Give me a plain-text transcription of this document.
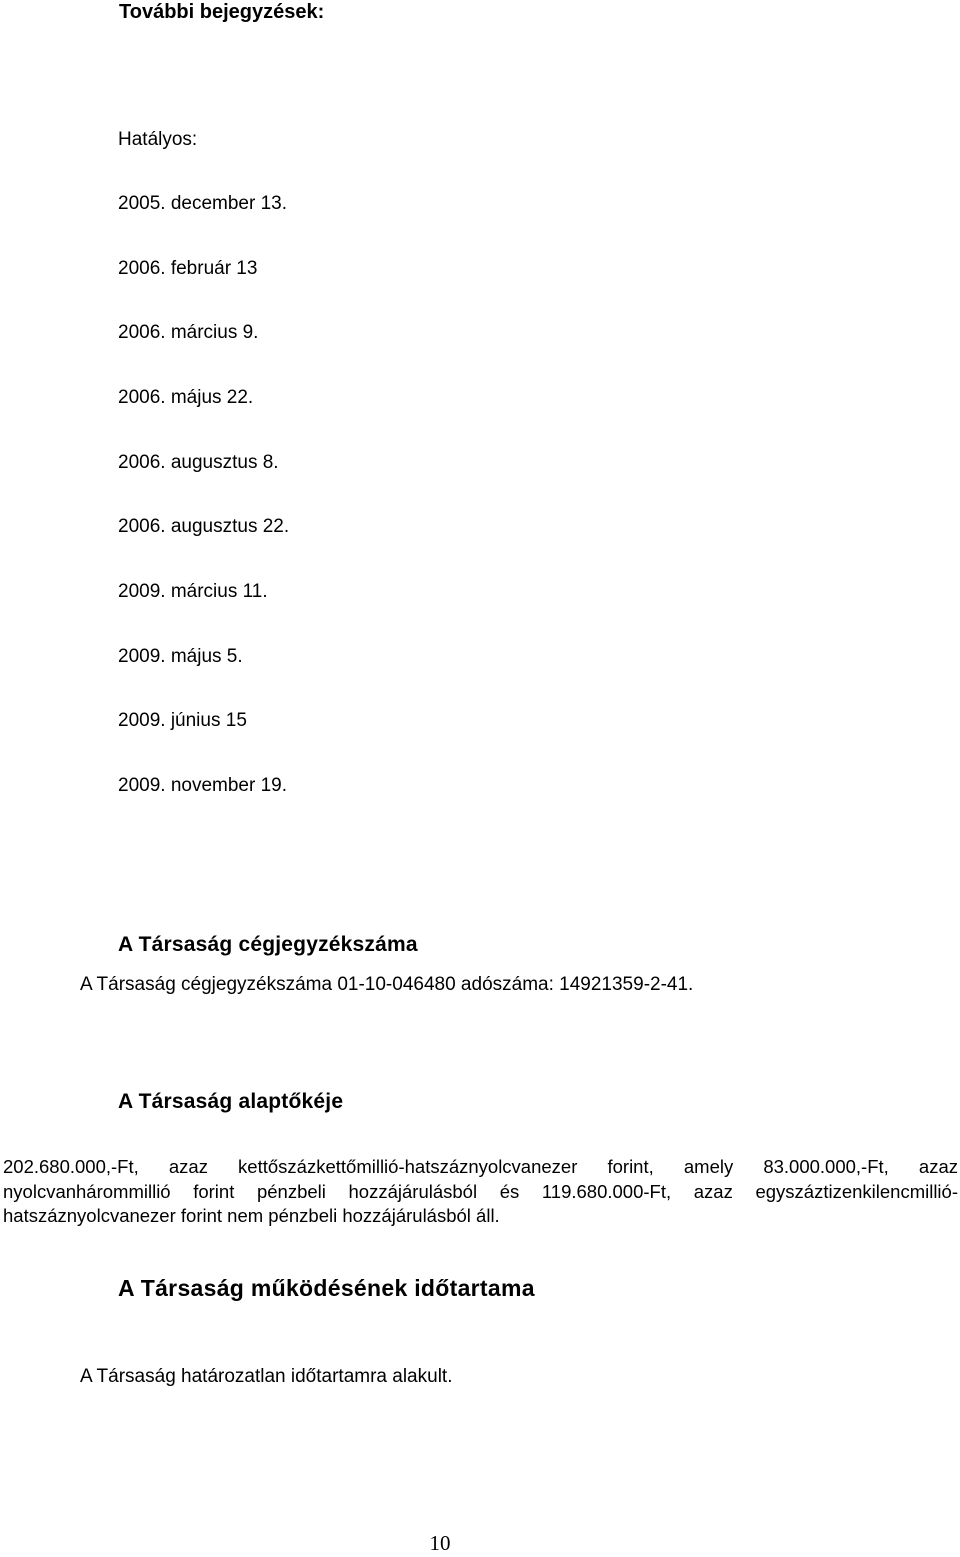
További bejegyzések:
Hatályos:
2005. december 13.
2006. február 13
2006. március 9.
2006. május 22.
2006. augusztus 8.
2006. augusztus 22.
2009. március 11.
2009. május 5.
2009. június 15
2009. november 19.
A Társaság cégjegyzékszáma
A Társaság cégjegyzékszáma 01-10-046480 adószáma: 14921359-2-41.
A Társaság alaptőkéje
202.680.000,-Ft, azaz kettőszázkettőmillió-hatszáznyolcvanezer forint, amely 83.000.000,-Ft, azaz
nyolcvanhárommillió forint pénzbeli hozzájárulásból és 119.680.000-Ft, azaz egyszáztizenkilencmillió-
hatszáznyolcvanezer forint nem pénzbeli hozzájárulásból áll.
A Társaság működésének időtartama
A Társaság határozatlan időtartamra alakult.
10
